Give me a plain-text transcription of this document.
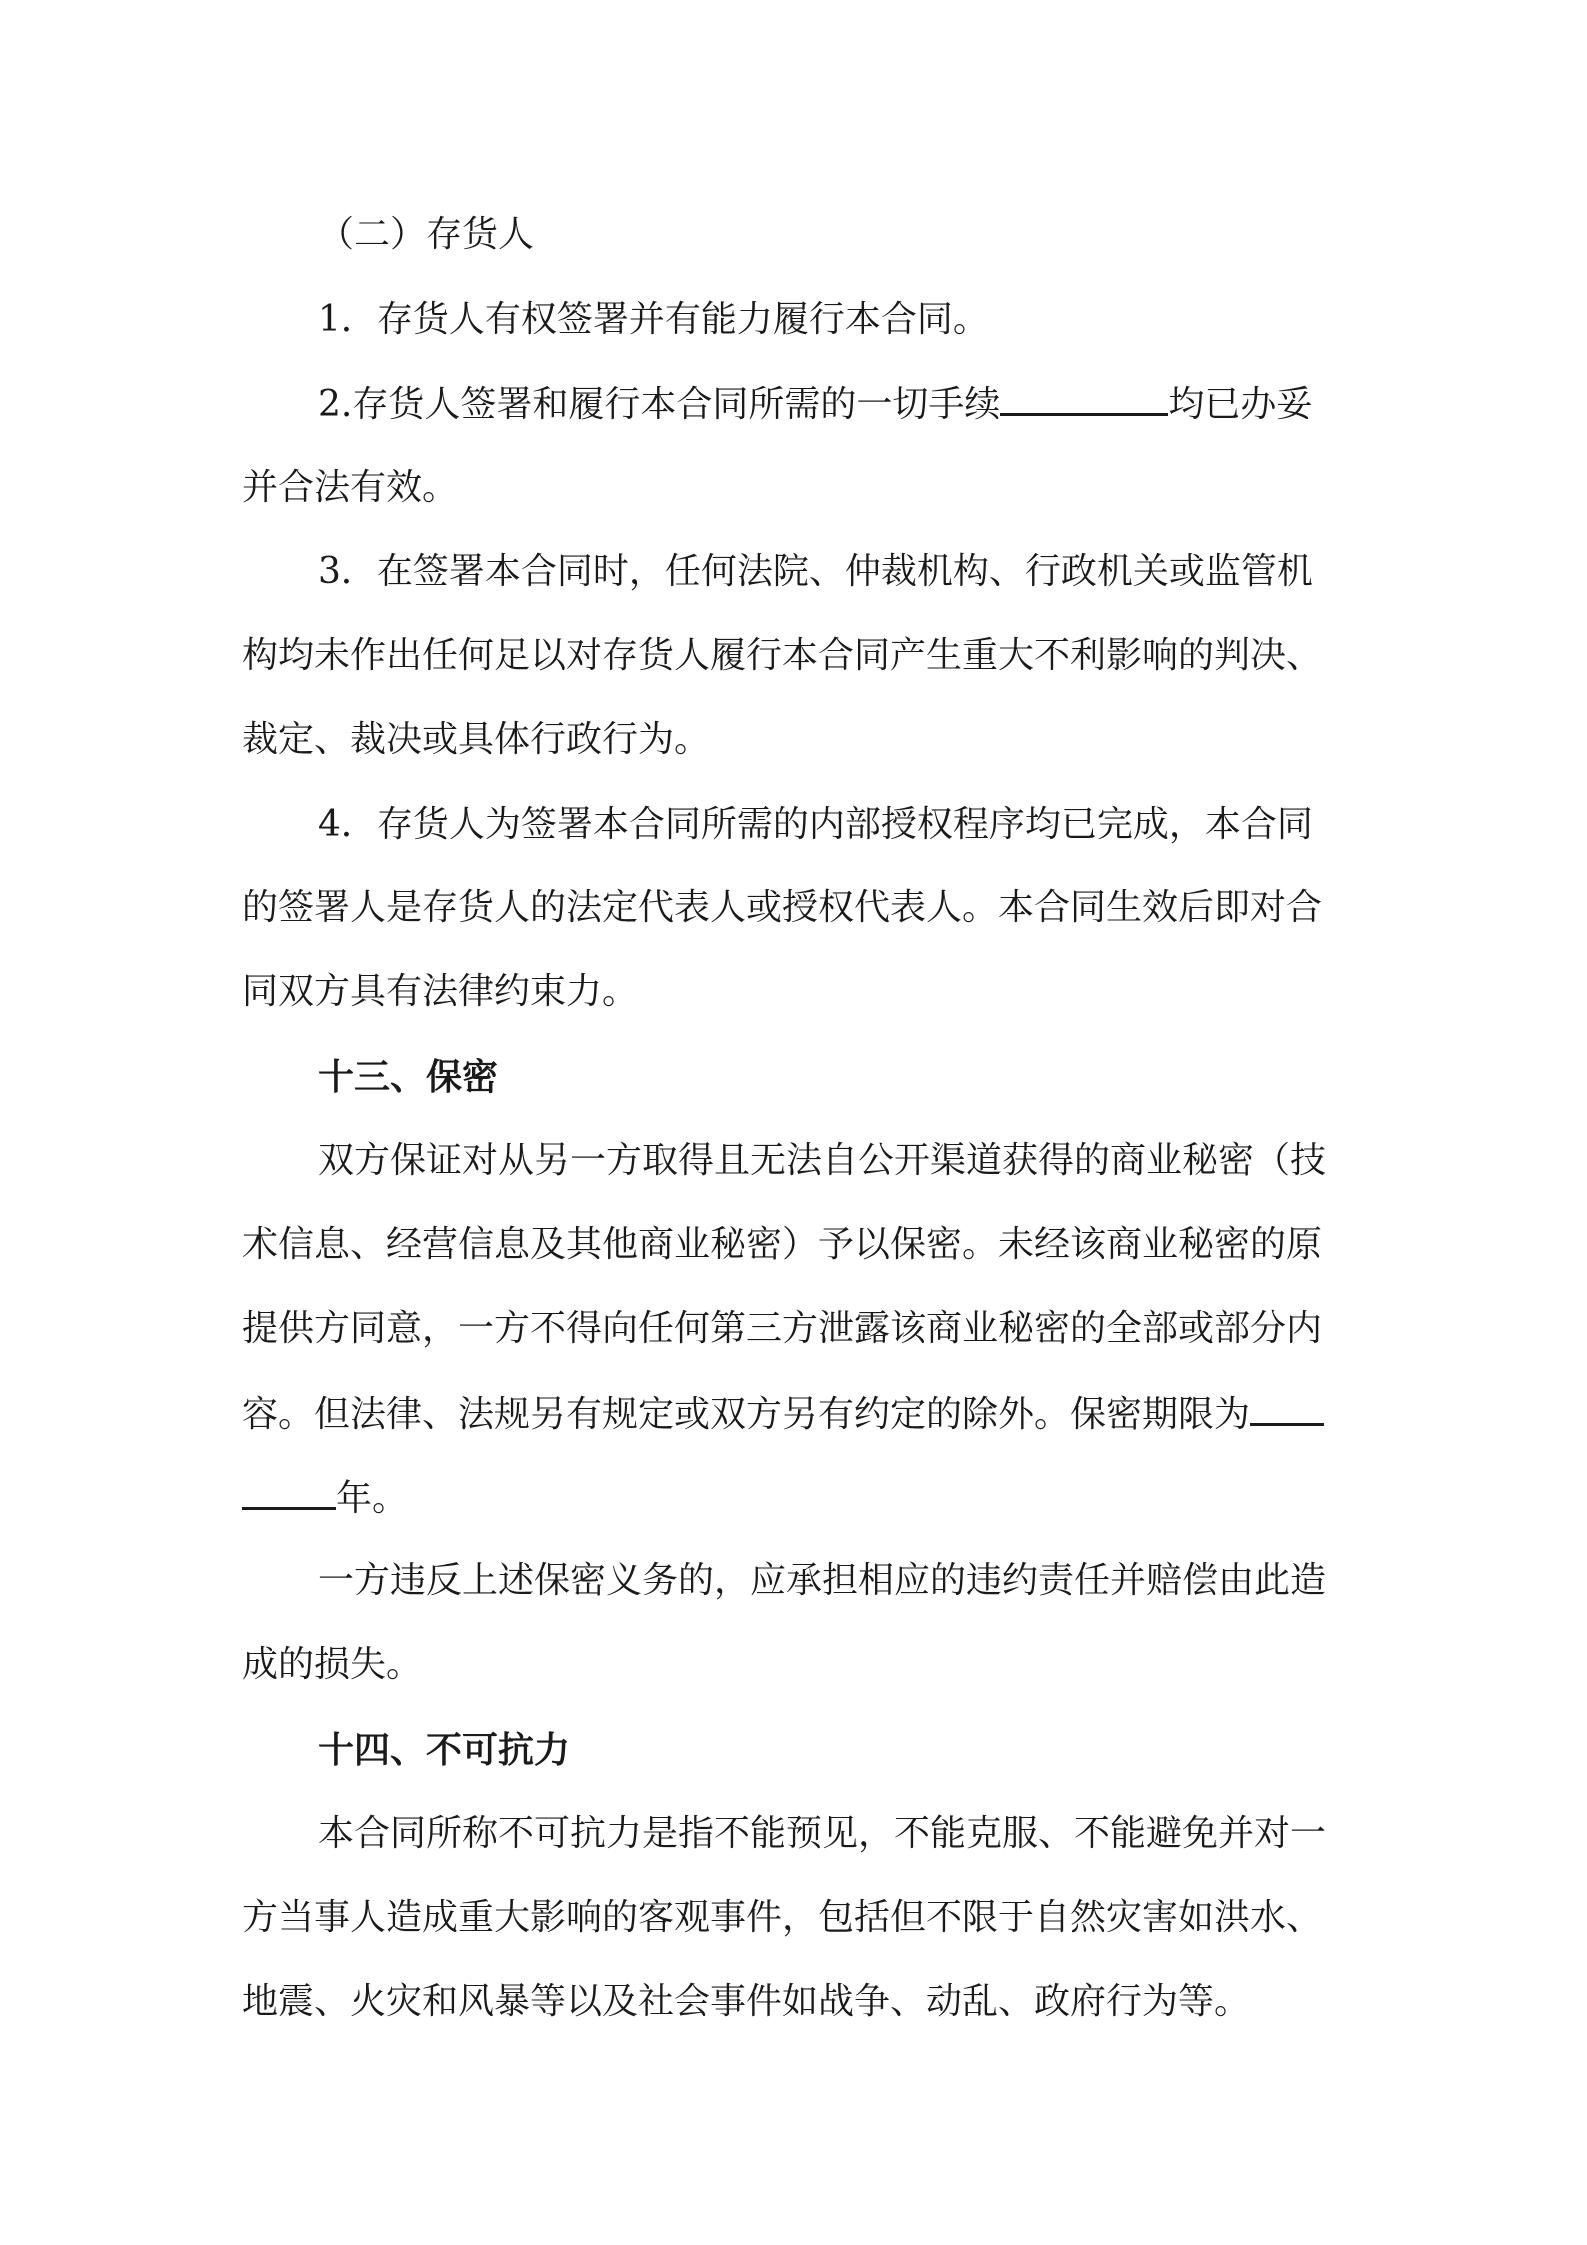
（二）存货人
1．存货人有权签署并有能力履行本合同。
2.存货人签署和履行本合同所需的一切手续	均已办妥
并合法有效。
3．在签署本合同时，任何法院、仲裁机构、行政机关或监管机
构均未作出任何足以对存货人履行本合同产生重大不利影响的判决、
裁定、裁决或具体行政行为。
4．存货人为签署本合同所需的内部授权程序均已完成，本合同
的签署人是存货人的法定代表人或授权代表人。本合同生效后即对合
同双方具有法律约束力。
十三、保密
双方保证对从另一方取得且无法自公开渠道获得的商业秘密（技
术信息、经营信息及其他商业秘密）予以保密。未经该商业秘密的原
提供方同意，一方不得向任何第三方泄露该商业秘密的全部或部分内
容。但法律、法规另有规定或双方另有约定的除外。保密期限为
年。
一方违反上述保密义务的，应承担相应的违约责任并赔偿由此造
成的损失。
十四、不可抗力
本合同所称不可抗力是指不能预见，不能克服、不能避免并对一
方当事人造成重大影响的客观事件，包括但不限于自然灾害如洪水、
地震、火灾和风暴等以及社会事件如战争、动乱、政府行为等。
